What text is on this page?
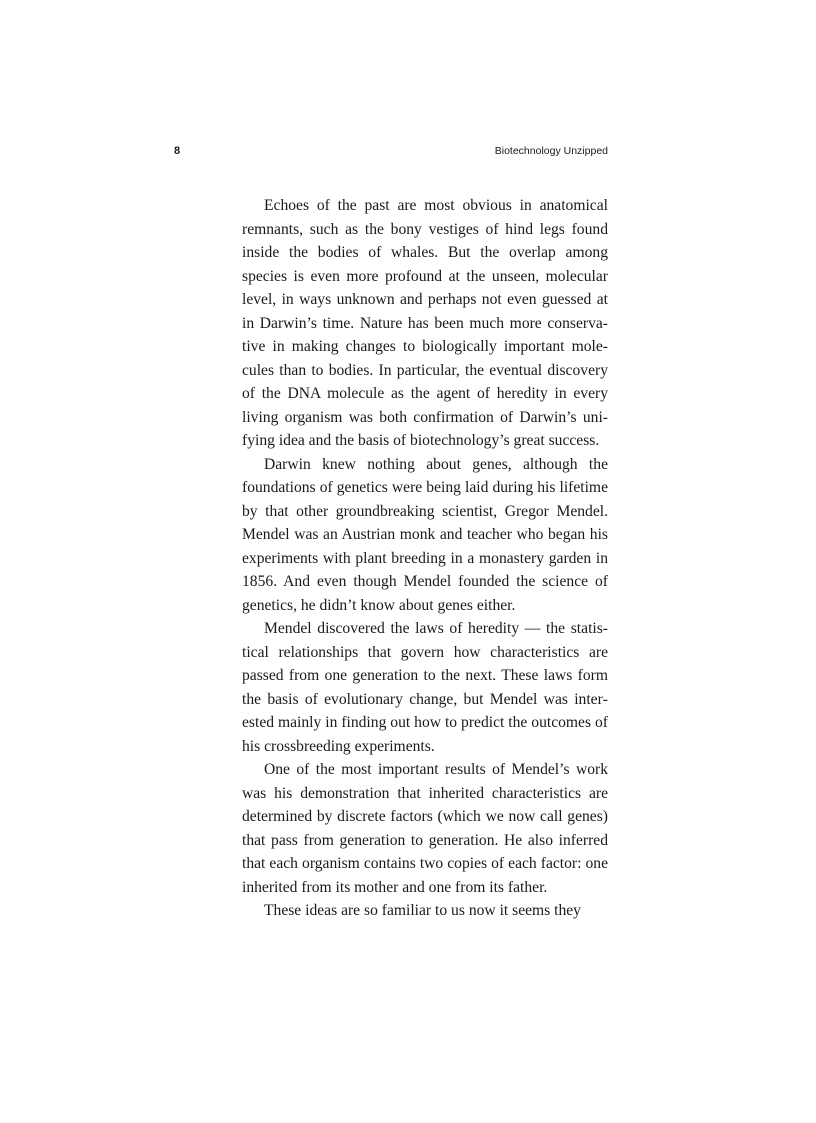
8	Biotechnology Unzipped

Echoes of the past are most obvious in anatomical remnants, such as the bony vestiges of hind legs found inside the bodies of whales. But the overlap among species is even more profound at the unseen, molecular level, in ways unknown and perhaps not even guessed at in Darwin’s time. Nature has been much more conservative in making changes to biologically important molecules than to bodies. In particular, the eventual discovery of the DNA molecule as the agent of heredity in every living organism was both confirmation of Darwin’s unifying idea and the basis of biotechnology’s great success.

Darwin knew nothing about genes, although the foundations of genetics were being laid during his lifetime by that other groundbreaking scientist, Gregor Mendel. Mendel was an Austrian monk and teacher who began his experiments with plant breeding in a monastery garden in 1856. And even though Mendel founded the science of genetics, he didn’t know about genes either.

Mendel discovered the laws of heredity — the statistical relationships that govern how characteristics are passed from one generation to the next. These laws form the basis of evolutionary change, but Mendel was interested mainly in finding out how to predict the outcomes of his crossbreeding experiments.

One of the most important results of Mendel’s work was his demonstration that inherited characteristics are determined by discrete factors (which we now call genes) that pass from generation to generation. He also inferred that each organism contains two copies of each factor: one inherited from its mother and one from its father.

These ideas are so familiar to us now it seems they
